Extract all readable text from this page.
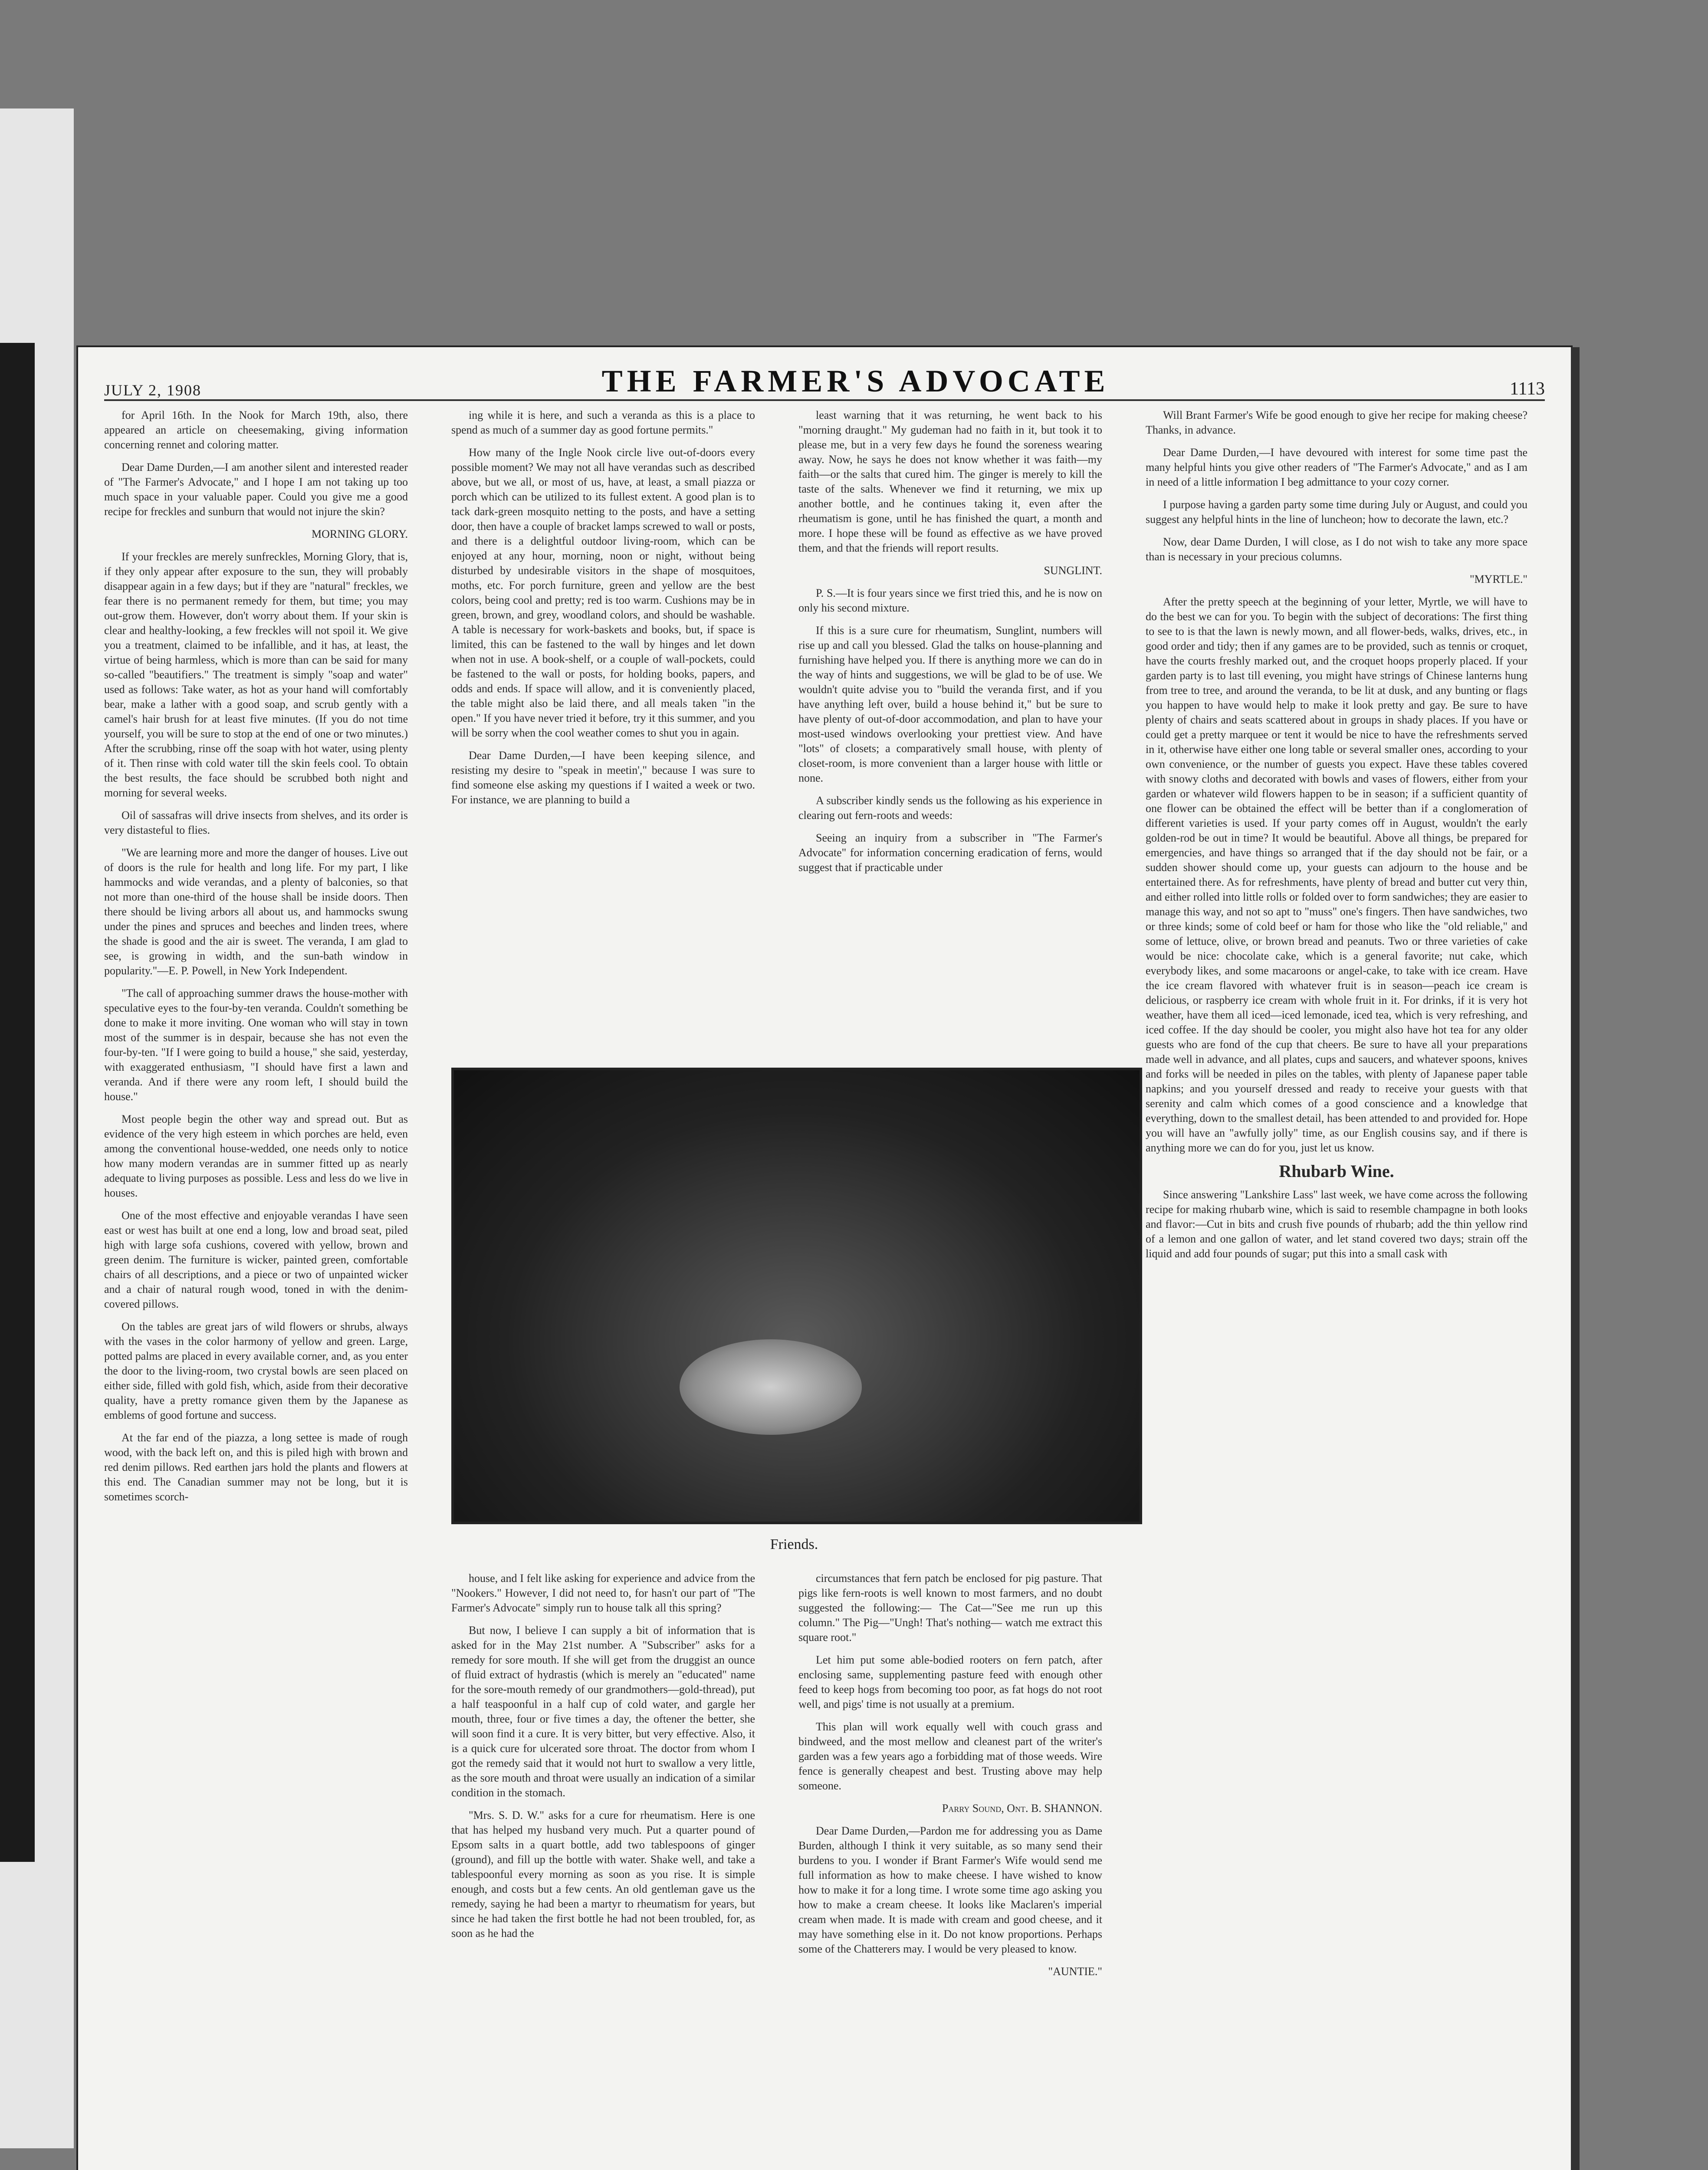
JULY 2, 1908	THE FARMER'S ADVOCATE	1113

for April 16th. In the Nook for March 19th, also, there appeared an article on cheesemaking, giving information concerning rennet and coloring matter.

Dear Dame Durden,—I am another silent and interested reader of "The Farmer's Advocate," and I hope I am not taking up too much space in your valuable paper. Could you give me a good recipe for freckles and sunburn that would not injure the skin?

MORNING GLORY.

If your freckles are merely sunfreckles, Morning Glory, that is, if they only appear after exposure to the sun, they will probably disappear again in a few days; but if they are "natural" freckles, we fear there is no permanent remedy for them, but time; you may out-grow them. However, don't worry about them. If your skin is clear and healthy-looking, a few freckles will not spoil it. We give you a treatment, claimed to be infallible, and it has, at least, the virtue of being harmless, which is more than can be said for many so-called "beautifiers." The treatment is simply "soap and water" used as follows: Take water, as hot as your hand will comfortably bear, make a lather with a good soap, and scrub gently with a camel's hair brush for at least five minutes. (If you do not time yourself, you will be sure to stop at the end of one or two minutes.) After the scrubbing, rinse off the soap with hot water, using plenty of it. Then rinse with cold water till the skin feels cool. To obtain the best results, the face should be scrubbed both night and morning for several weeks.

Oil of sassafras will drive insects from shelves, and its order is very distasteful to flies.

"We are learning more and more the danger of houses. Live out of doors is the rule for health and long life. For my part, I like hammocks and wide verandas, and a plenty of balconies, so that not more than one-third of the house shall be inside doors. Then there should be living arbors all about us, and hammocks swung under the pines and spruces and beeches and linden trees, where the shade is good and the air is sweet. The veranda, I am glad to see, is growing in width, and the sun-bath window in popularity."—E. P. Powell, in New York Independent.

"The call of approaching summer draws the house-mother with speculative eyes to the four-by-ten veranda. Couldn't something be done to make it more inviting. One woman who will stay in town most of the summer is in despair, because she has not even the four-by-ten. "If I were going to build a house," she said, yesterday, with exaggerated enthusiasm, "I should have first a lawn and veranda. And if there were any room left, I should build the house."

Most people begin the other way and spread out. But as evidence of the very high esteem in which porches are held, even among the conventional house-wedded, one needs only to notice how many modern verandas are in summer fitted up as nearly adequate to living purposes as possible. Less and less do we live in houses.

One of the most effective and enjoyable verandas I have seen east or west has built at one end a long, low and broad seat, piled high with large sofa cushions, covered with yellow, brown and green denim. The furniture is wicker, painted green, comfortable chairs of all descriptions, and a piece or two of unpainted wicker and a chair of natural rough wood, toned in with the denim-covered pillows.

On the tables are great jars of wild flowers or shrubs, always with the vases in the color harmony of yellow and green. Large, potted palms are placed in every available corner, and, as you enter the door to the living-room, two crystal bowls are seen placed on either side, filled with gold fish, which, aside from their decorative quality, have a pretty romance given them by the Japanese as emblems of good fortune and success.

At the far end of the piazza, a long settee is made of rough wood, with the back left on, and this is piled high with brown and red denim pillows. Red earthen jars hold the plants and flowers at this end. The Canadian summer may not be long, but it is sometimes scorch-

ing while it is here, and such a veranda as this is a place to spend as much of a summer day as good fortune permits."

How many of the Ingle Nook circle live out-of-doors every possible moment? We may not all have verandas such as described above, but we all, or most of us, have, at least, a small piazza or porch which can be utilized to its fullest extent. A good plan is to tack dark-green mosquito netting to the posts, and have a setting door, then have a couple of bracket lamps screwed to wall or posts, and there is a delightful outdoor living-room, which can be enjoyed at any hour, morning, noon or night, without being disturbed by undesirable visitors in the shape of mosquitoes, moths, etc. For porch furniture, green and yellow are the best colors, being cool and pretty; red is too warm. Cushions may be in green, brown, and grey, woodland colors, and should be washable. A table is necessary for work-baskets and books, but, if space is limited, this can be fastened to the wall by hinges and let down when not in use. A book-shelf, or a couple of wall-pockets, could be fastened to the wall or posts, for holding books, papers, and odds and ends. If space will allow, and it is conveniently placed, the table might also be laid there, and all meals taken "in the open." If you have never tried it before, try it this summer, and you will be sorry when the cool weather comes to shut you in again.

Dear Dame Durden,—I have been keeping silence, and resisting my desire to "speak in meetin'," because I was sure to find someone else asking my questions if I waited a week or two. For instance, we are planning to build a

least warning that it was returning, he went back to his "morning draught." My gudeman had no faith in it, but took it to please me, but in a very few days he found the soreness wearing away. Now, he says he does not know whether it was faith—my faith—or the salts that cured him. The ginger is merely to kill the taste of the salts. Whenever we find it returning, we mix up another bottle, and he continues taking it, even after the rheumatism is gone, until he has finished the quart, a month and more. I hope these will be found as effective as we have proved them, and that the friends will report results.

SUNGLINT.

P. S.—It is four years since we first tried this, and he is now on only his second mixture.

If this is a sure cure for rheumatism, Sunglint, numbers will rise up and call you blessed. Glad the talks on house-planning and furnishing have helped you. If there is anything more we can do in the way of hints and suggestions, we will be glad to be of use. We wouldn't quite advise you to "build the veranda first, and if you have anything left over, build a house behind it," but be sure to have plenty of out-of-door accommodation, and plan to have your most-used windows overlooking your prettiest view. And have "lots" of closets; a comparatively small house, with plenty of closet-room, is more convenient than a larger house with little or none.

A subscriber kindly sends us the following as his experience in clearing out fern-roots and weeds:

Seeing an inquiry from a subscriber in "The Farmer's Advocate" for information concerning eradication of ferns, would suggest that if practicable under

Friends.

house, and I felt like asking for experience and advice from the "Nookers." However, I did not need to, for hasn't our part of "The Farmer's Advocate" simply run to house talk all this spring?

But now, I believe I can supply a bit of information that is asked for in the May 21st number. A "Subscriber" asks for a remedy for sore mouth. If she will get from the druggist an ounce of fluid extract of hydrastis (which is merely an "educated" name for the sore-mouth remedy of our grandmothers—gold-thread), put a half teaspoonful in a half cup of cold water, and gargle her mouth, three, four or five times a day, the oftener the better, she will soon find it a cure. It is very bitter, but very effective. Also, it is a quick cure for ulcerated sore throat. The doctor from whom I got the remedy said that it would not hurt to swallow a very little, as the sore mouth and throat were usually an indication of a similar condition in the stomach.

"Mrs. S. D. W." asks for a cure for rheumatism. Here is one that has helped my husband very much. Put a quarter pound of Epsom salts in a quart bottle, add two tablespoons of ginger (ground), and fill up the bottle with water. Shake well, and take a tablespoonful every morning as soon as you rise. It is simple enough, and costs but a few cents. An old gentleman gave us the remedy, saying he had been a martyr to rheumatism for years, but since he had taken the first bottle he had not been troubled, for, as soon as he had the

circumstances that fern patch be enclosed for pig pasture. That pigs like fern-roots is well known to most farmers, and no doubt suggested the following:— The Cat—"See me run up this column." The Pig—"Ungh! That's nothing— watch me extract this square root."

Let him put some able-bodied rooters on fern patch, after enclosing same, supplementing pasture feed with enough other feed to keep hogs from becoming too poor, as fat hogs do not root well, and pigs' time is not usually at a premium.

This plan will work equally well with couch grass and bindweed, and the most mellow and cleanest part of the writer's garden was a few years ago a forbidding mat of those weeds. Wire fence is generally cheapest and best. Trusting above may help someone.

Parry Sound, Ont. B. SHANNON.

Dear Dame Durden,—Pardon me for addressing you as Dame Burden, although I think it very suitable, as so many send their burdens to you. I wonder if Brant Farmer's Wife would send me full information as how to make cheese. I have wished to know how to make it for a long time. I wrote some time ago asking you how to make a cream cheese. It looks like Maclaren's imperial cream when made. It is made with cream and good cheese, and it may have something else in it. Do not know proportions. Perhaps some of the Chatterers may. I would be very pleased to know.

"AUNTIE."

Will Brant Farmer's Wife be good enough to give her recipe for making cheese? Thanks, in advance.

Dear Dame Durden,—I have devoured with interest for some time past the many helpful hints you give other readers of "The Farmer's Advocate," and as I am in need of a little information I beg admittance to your cozy corner.

I purpose having a garden party some time during July or August, and could you suggest any helpful hints in the line of luncheon; how to decorate the lawn, etc.?

Now, dear Dame Durden, I will close, as I do not wish to take any more space than is necessary in your precious columns.

"MYRTLE."

After the pretty speech at the beginning of your letter, Myrtle, we will have to do the best we can for you. To begin with the subject of decorations: The first thing to see to is that the lawn is newly mown, and all flower-beds, walks, drives, etc., in good order and tidy; then if any games are to be provided, such as tennis or croquet, have the courts freshly marked out, and the croquet hoops properly placed. If your garden party is to last till evening, you might have strings of Chinese lanterns hung from tree to tree, and around the veranda, to be lit at dusk, and any bunting or flags you happen to have would help to make it look pretty and gay. Be sure to have plenty of chairs and seats scattered about in groups in shady places. If you have or could get a pretty marquee or tent it would be nice to have the refreshments served in it, otherwise have either one long table or several smaller ones, according to your own convenience, or the number of guests you expect. Have these tables covered with snowy cloths and decorated with bowls and vases of flowers, either from your garden or whatever wild flowers happen to be in season; if a sufficient quantity of one flower can be obtained the effect will be better than if a conglomeration of different varieties is used. If your party comes off in August, wouldn't the early golden-rod be out in time? It would be beautiful. Above all things, be prepared for emergencies, and have things so arranged that if the day should not be fair, or a sudden shower should come up, your guests can adjourn to the house and be entertained there. As for refreshments, have plenty of bread and butter cut very thin, and either rolled into little rolls or folded over to form sandwiches; they are easier to manage this way, and not so apt to "muss" one's fingers. Then have sandwiches, two or three kinds; some of cold beef or ham for those who like the "old reliable," and some of lettuce, olive, or brown bread and peanuts. Two or three varieties of cake would be nice: chocolate cake, which is a general favorite; nut cake, which everybody likes, and some macaroons or angel-cake, to take with ice cream. Have the ice cream flavored with whatever fruit is in season—peach ice cream is delicious, or raspberry ice cream with whole fruit in it. For drinks, if it is very hot weather, have them all iced—iced lemonade, iced tea, which is very refreshing, and iced coffee. If the day should be cooler, you might also have hot tea for any older guests who are fond of the cup that cheers. Be sure to have all your preparations made well in advance, and all plates, cups and saucers, and whatever spoons, knives and forks will be needed in piles on the tables, with plenty of Japanese paper table napkins; and you yourself dressed and ready to receive your guests with that serenity and calm which comes of a good conscience and a knowledge that everything, down to the smallest detail, has been attended to and provided for. Hope you will have an "awfully jolly" time, as our English cousins say, and if there is anything more we can do for you, just let us know.

Rhubarb Wine.

Since answering "Lankshire Lass" last week, we have come across the following recipe for making rhubarb wine, which is said to resemble champagne in both looks and flavor:—Cut in bits and crush five pounds of rhubarb; add the thin yellow rind of a lemon and one gallon of water, and let stand covered two days; strain off the liquid and add four pounds of sugar; put this into a small cask with
